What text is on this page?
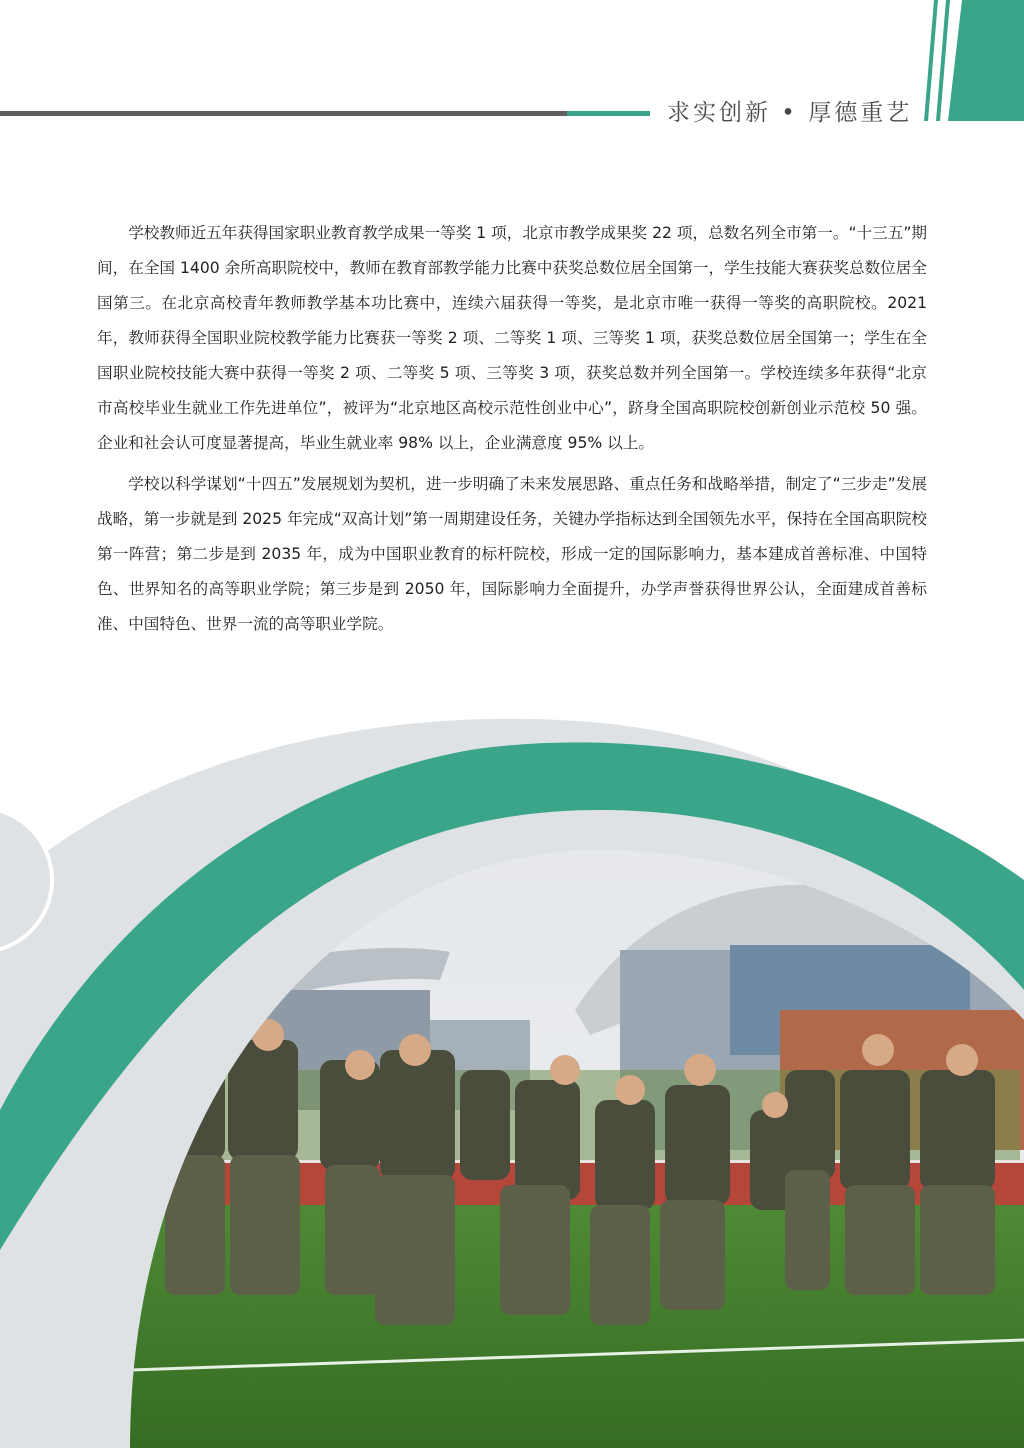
求实创新 • 厚德重艺

学校教师近五年获得国家职业教育教学成果一等奖 1 项，北京市教学成果奖 22 项，总数名列全市第一。“十三五”期间，在全国 1400 余所高职院校中，教师在教育部教学能力比赛中获奖总数位居全国第一，学生技能大赛获奖总数位居全国第三。在北京高校青年教师教学基本功比赛中，连续六届获得一等奖，是北京市唯一获得一等奖的高职院校。2021 年，教师获得全国职业院校教学能力比赛获一等奖 2 项、二等奖 1 项、三等奖 1 项，获奖总数位居全国第一；学生在全国职业院校技能大赛中获得一等奖 2 项、二等奖 5 项、三等奖 3 项，获奖总数并列全国第一。学校连续多年获得“北京市高校毕业生就业工作先进单位”，被评为“北京地区高校示范性创业中心”，跻身全国高职院校创新创业示范校 50 强。企业和社会认可度显著提高，毕业生就业率 98% 以上，企业满意度 95% 以上。

学校以科学谋划“十四五”发展规划为契机，进一步明确了未来发展思路、重点任务和战略举措，制定了“三步走”发展战略，第一步就是到 2025 年完成“双高计划”第一周期建设任务，关键办学指标达到全国领先水平，保持在全国高职院校第一阵营；第二步是到 2035 年，成为中国职业教育的标杆院校，形成一定的国际影响力，基本建成首善标准、中国特色、世界知名的高等职业学院；第三步是到 2050 年，国际影响力全面提升，办学声誉获得世界公认，全面建成首善标准、中国特色、世界一流的高等职业学院。
